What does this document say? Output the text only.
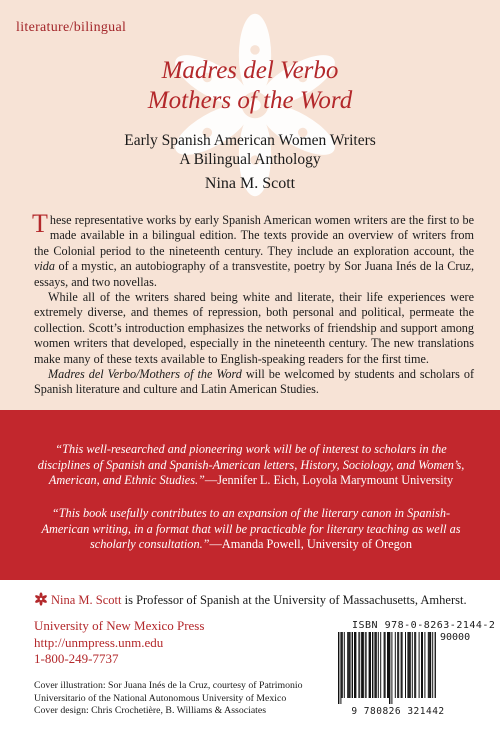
literature/bilingual
Madres del Verbo
Mothers of the Word
Early Spanish American Women Writers
A Bilingual Anthology
Nina M. Scott

These representative works by early Spanish American women writers are the first to be made available in a bilingual edition. The texts provide an overview of writers from the Colonial period to the nineteenth century. They include an exploration account, the vida of a mystic, an autobiography of a transvestite, poetry by Sor Juana Inés de la Cruz, essays, and two novellas.

While all of the writers shared being white and literate, their life experiences were extremely diverse, and themes of repression, both personal and political, permeate the collection. Scott’s introduction emphasizes the networks of friendship and support among women writers that developed, especially in the nineteenth century. The new translations make many of these texts available to English-speaking readers for the first time.

Madres del Verbo/Mothers of the Word will be welcomed by students and scholars of Spanish literature and culture and Latin American Studies.

“This well-researched and pioneering work will be of interest to scholars in the disciplines of Spanish and Spanish-American letters, History, Sociology, and Women’s, American, and Ethnic Studies.”—Jennifer L. Eich, Loyola Marymount University
“This book usefully contributes to an expansion of the literary canon in Spanish-American writing, in a format that will be practicable for literary teaching as well as scholarly consultation.”—Amanda Powell, University of Oregon
Nina M. Scott is Professor of Spanish at the University of Massachusetts, Amherst.
University of New Mexico Press
http://unmpress.unm.edu
1-800-249-7737
Cover illustration: Sor Juana Inés de la Cruz, courtesy of Patrimonio
Universitario of the National Autonomous University of Mexico
Cover design: Chris Crochetière, B. Williams & Associates
ISBN 978-0-8263-2144-2
90000
9 780826 321442
